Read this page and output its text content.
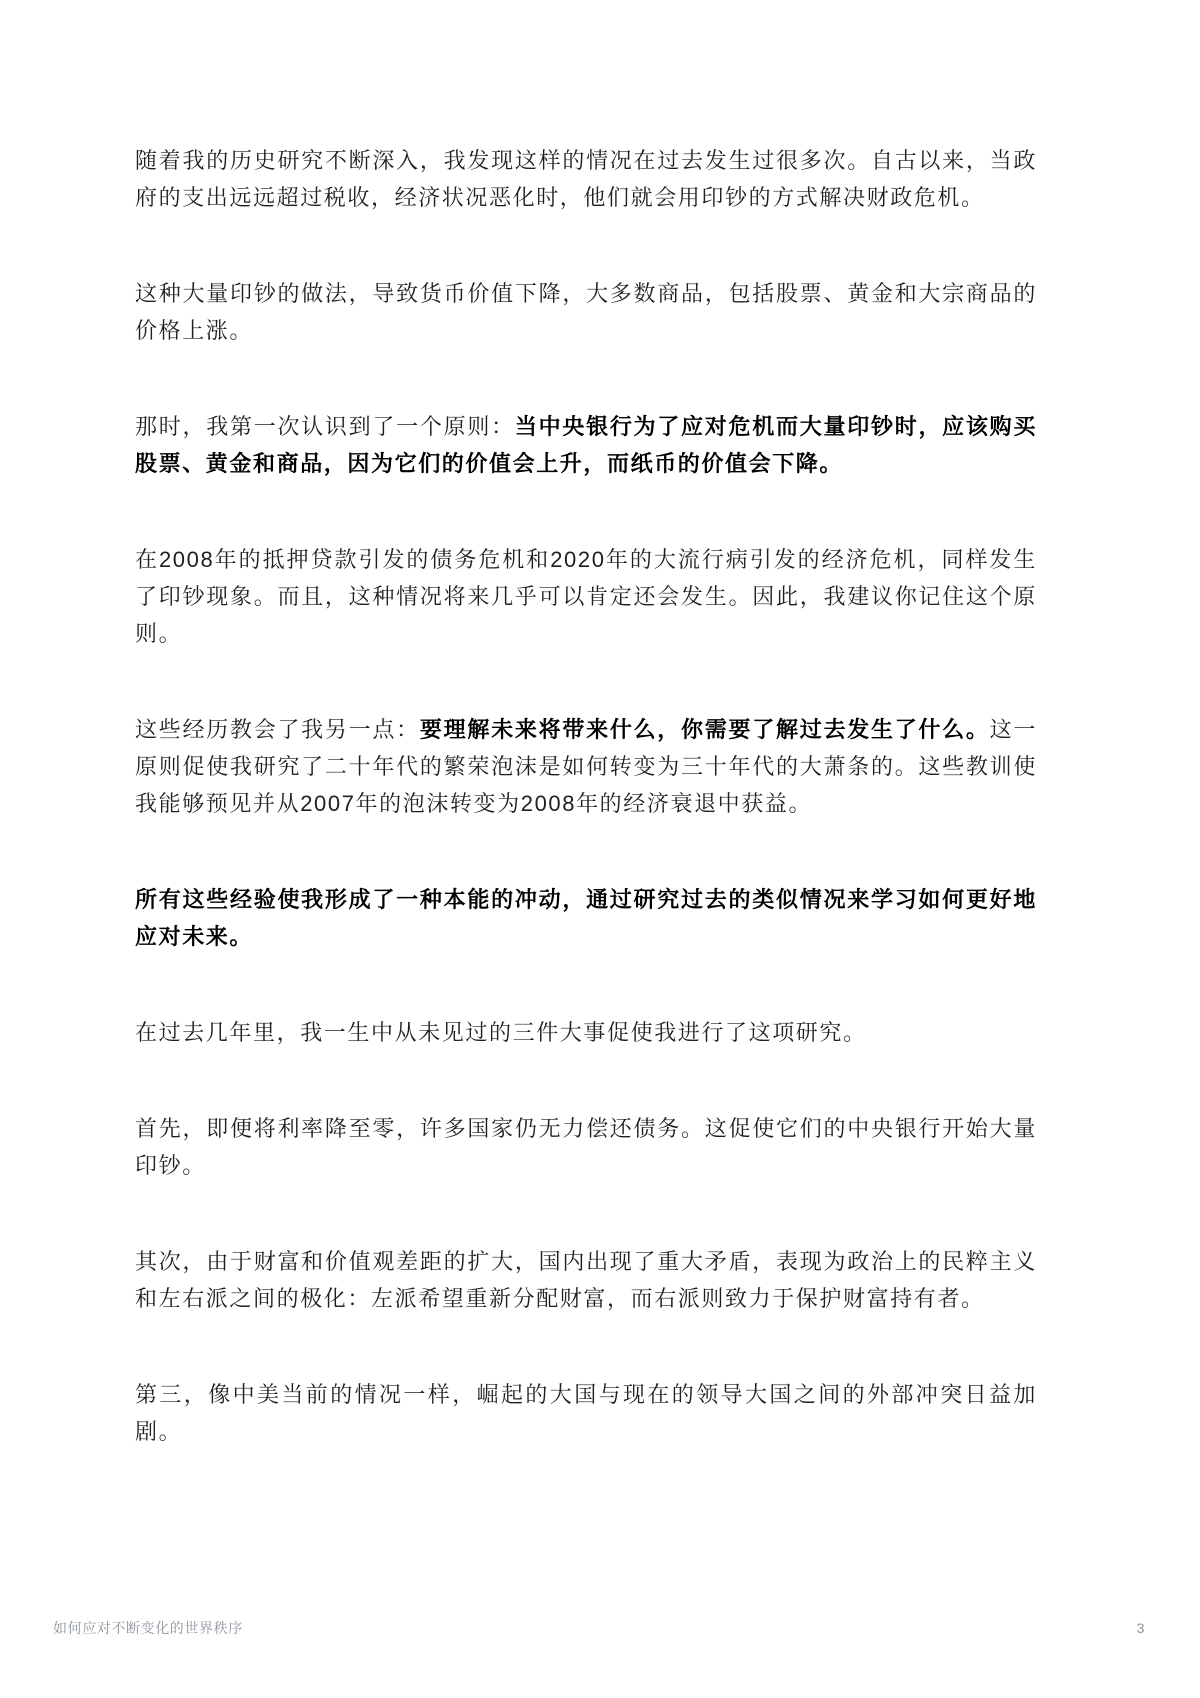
随着我的历史研究不断深入，我发现这样的情况在过去发生过很多次。自古以来，当政府的支出远远超过税收，经济状况恶化时，他们就会用印钞的方式解决财政危机。

这种大量印钞的做法，导致货币价值下降，大多数商品，包括股票、黄金和大宗商品的价格上涨。

那时，我第一次认识到了一个原则：当中央银行为了应对危机而大量印钞时，应该购买股票、黄金和商品，因为它们的价值会上升，而纸币的价值会下降。

在2008年的抵押贷款引发的债务危机和2020年的大流行病引发的经济危机，同样发生了印钞现象。而且，这种情况将来几乎可以肯定还会发生。因此，我建议你记住这个原则。

这些经历教会了我另一点：要理解未来将带来什么，你需要了解过去发生了什么。这一原则促使我研究了二十年代的繁荣泡沫是如何转变为三十年代的大萧条的。这些教训使我能够预见并从2007年的泡沫转变为2008年的经济衰退中获益。

所有这些经验使我形成了一种本能的冲动，通过研究过去的类似情况来学习如何更好地应对未来。

在过去几年里，我一生中从未见过的三件大事促使我进行了这项研究。

首先，即便将利率降至零，许多国家仍无力偿还债务。这促使它们的中央银行开始大量印钞。

其次，由于财富和价值观差距的扩大，国内出现了重大矛盾，表现为政治上的民粹主义和左右派之间的极化：左派希望重新分配财富，而右派则致力于保护财富持有者。

第三，像中美当前的情况一样，崛起的大国与现在的领导大国之间的外部冲突日益加剧。

如何应对不断变化的世界秩序	3
